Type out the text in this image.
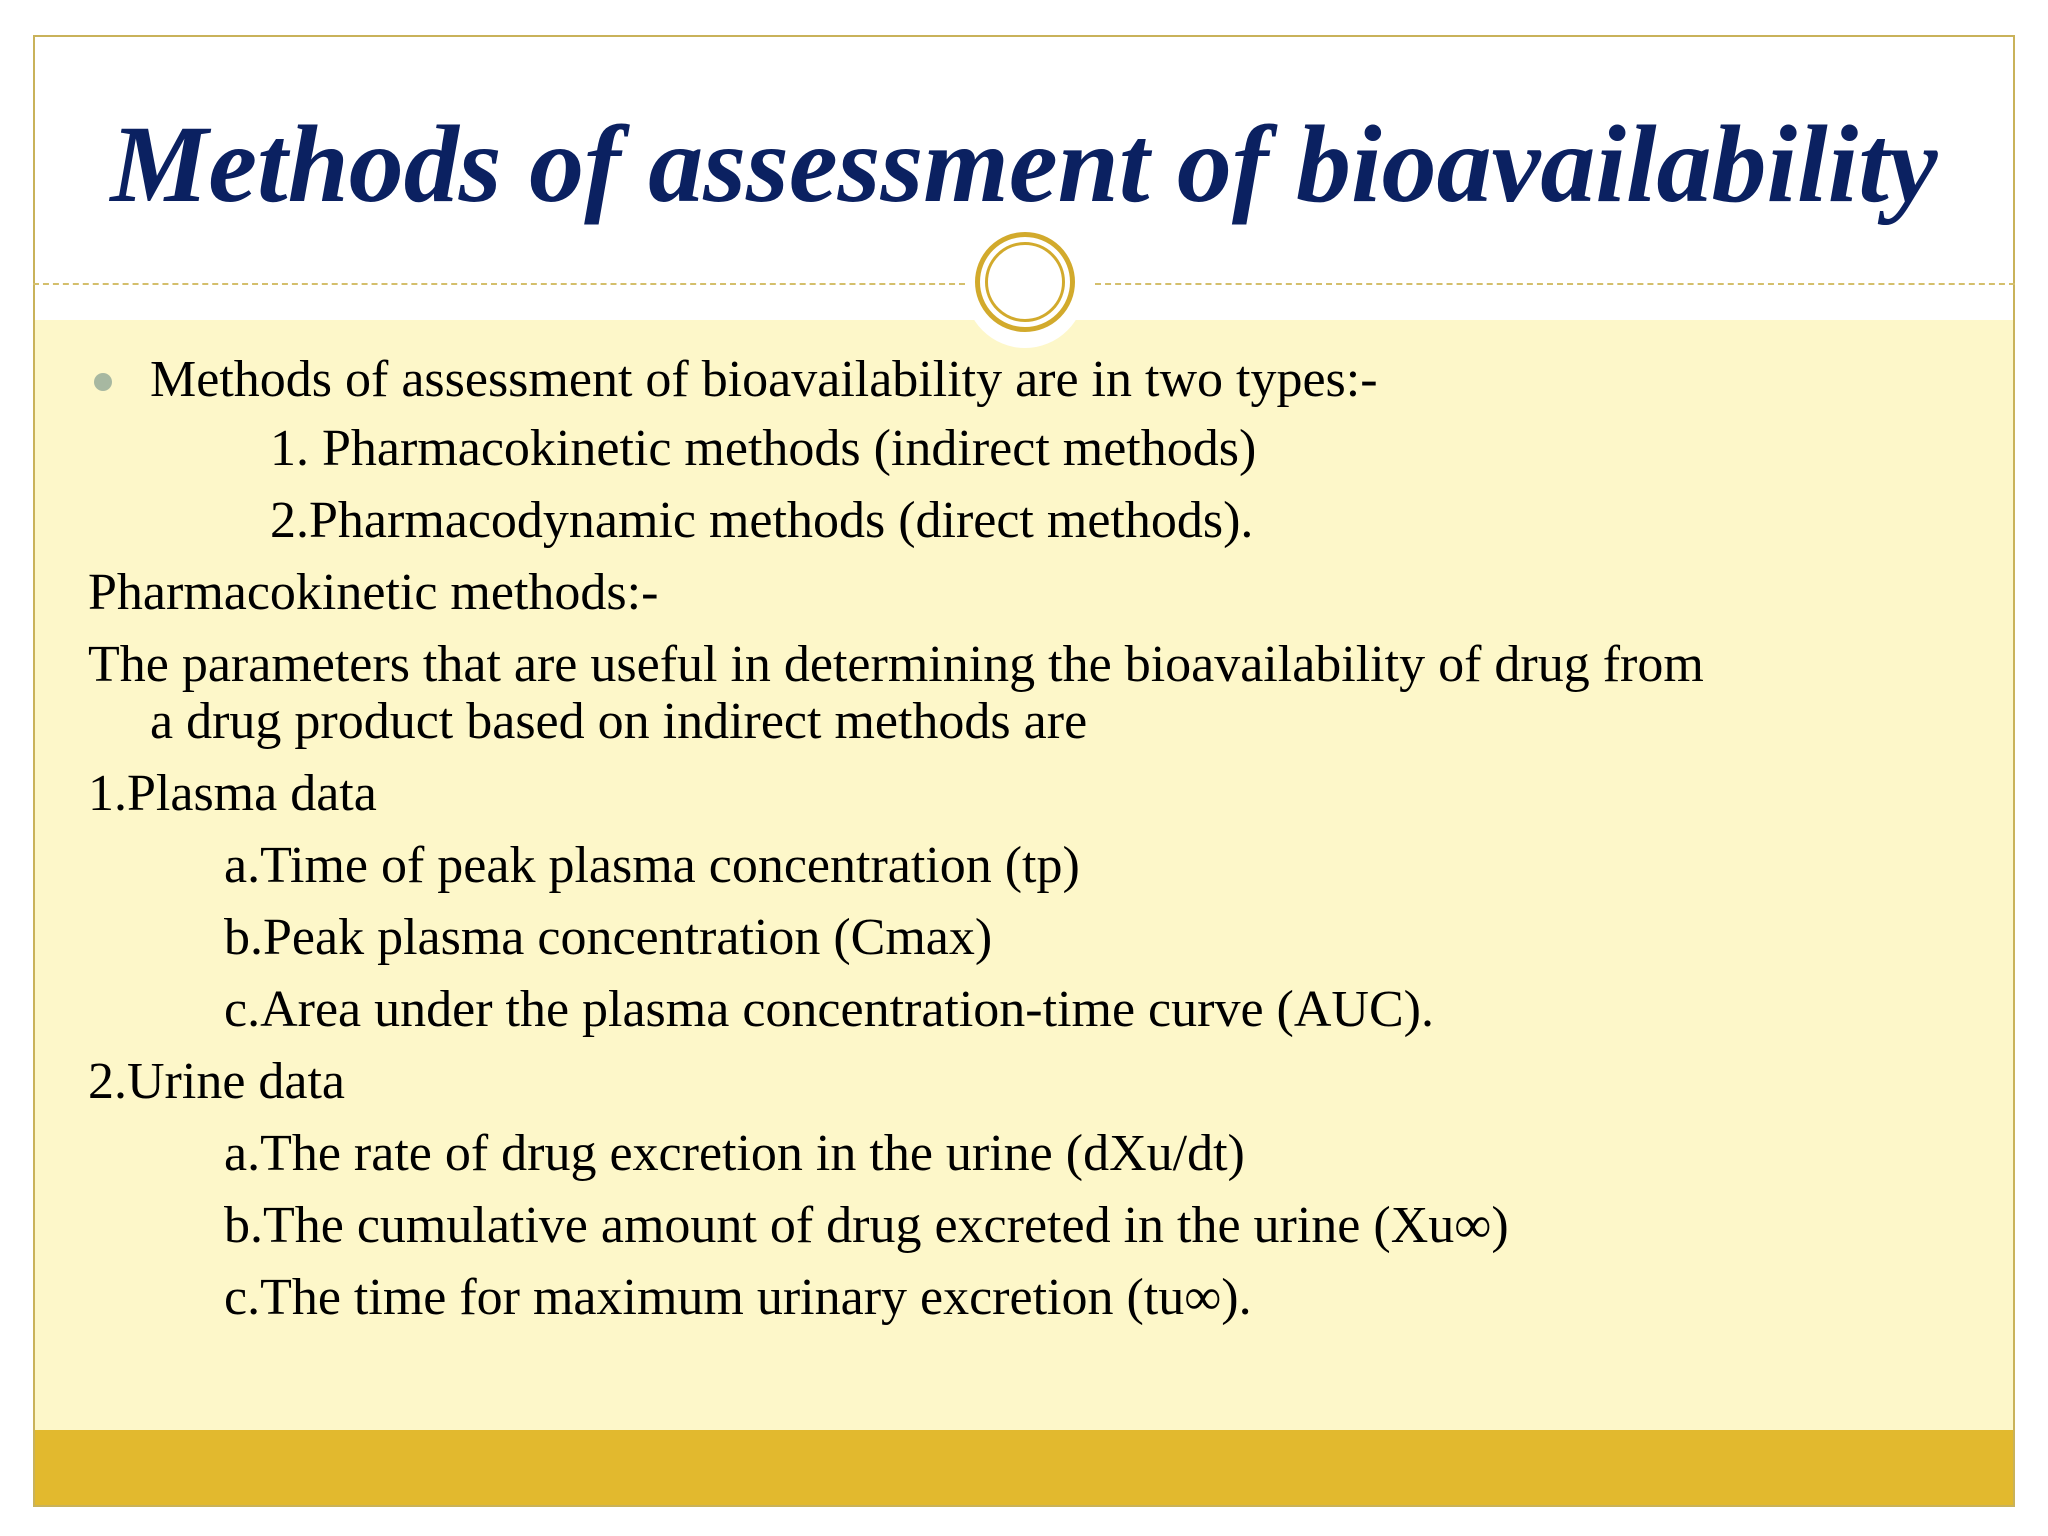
Methods of assessment of bioavailability

Methods of assessment of bioavailability are in two types:-

1. Pharmacokinetic methods (indirect methods)

2.Pharmacodynamic methods (direct methods).

Pharmacokinetic methods:-

The parameters that are useful in determining the bioavailability of drug from

a drug product based on indirect methods are

1.Plasma data

a.Time of peak plasma concentration (tp)

b.Peak plasma concentration (Cmax)

c.Area under the plasma concentration-time curve (AUC).

2.Urine data

a.The rate of drug excretion in the urine (dXu/dt)

b.The cumulative amount of drug excreted in the urine (Xu∞)

c.The time for maximum urinary excretion (tu∞).
